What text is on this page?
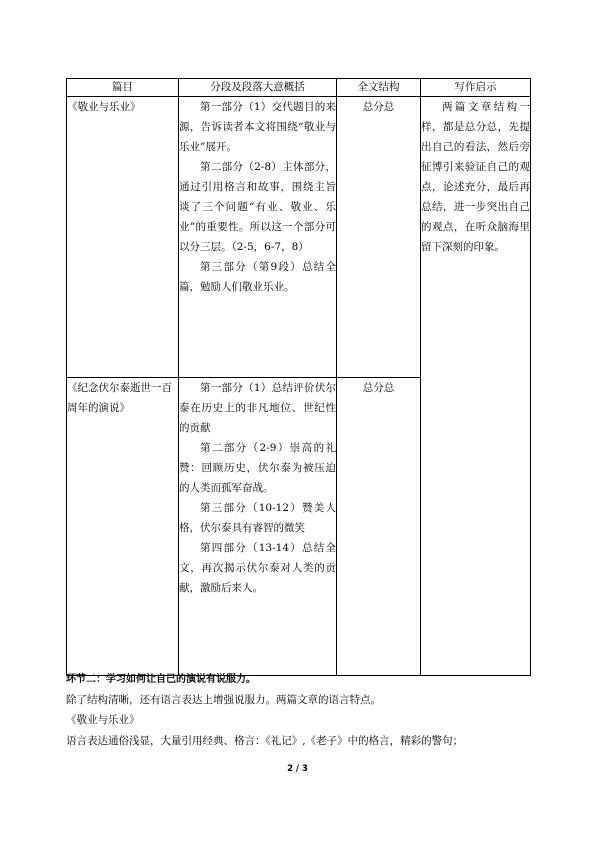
篇目	分段及段落大意概括	全文结构	写作启示
《敬业与乐业》	第一部分（1）交代题目的来源，告诉读者本文将围绕“敬业与乐业”展开。

第二部分（2-8）主体部分，通过引用格言和故事，围绕主旨谈了三个问题“有业、敬业、乐业”的重要性。所以这一个部分可以分三层。（2-5，6-7，8）

第三部分（第9段）总结全篇，勉励人们敬业乐业。	总分总	两篇文章结构一样，都是总分总，先提出自己的看法，然后旁征博引来验证自己的观点，论述充分，最后再总结，进一步突出自己的观点，在听众脑海里留下深刻的印象。

《纪念伏尔泰逝世一百周年的演说》	第一部分（1）总结评价伏尔泰在历史上的非凡地位、世纪性的贡献

第二部分（2-9）崇高的礼赞：回顾历史，伏尔泰为被压迫的人类而孤军奋战。

第三部分（10-12）赞美人格，伏尔泰具有睿智的微笑

第四部分（13-14）总结全文，再次揭示伏尔泰对人类的贡献，激励后来人。	总分总	
环节二：学习如何让自己的演说有说服力。
除了结构清晰，还有语言表达上增强说服力。两篇文章的语言特点。
《敬业与乐业》
语言表达通俗浅显，大量引用经典、格言：《礼记》,《老子》中的格言，精彩的警句；
2 / 3
